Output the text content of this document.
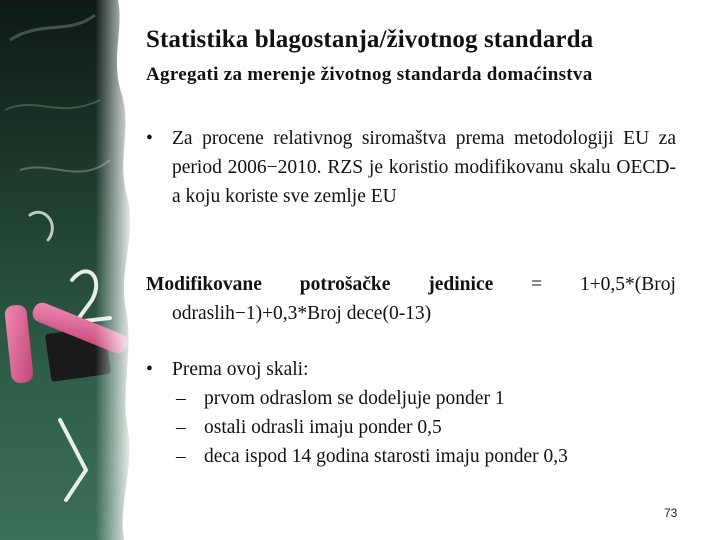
Statistika blagostanja/životnog standarda
Agregati za merenje životnog standarda domaćinstva
• Za procene relativnog siromaštva prema metodologiji EU za period 2006−2010. RZS je koristio modifikovanu skalu OECD-a koju koriste sve zemlje EU
Modifikovane potrošačke jedinice = 1+0,5*(Broj
odraslih−1)+0,3*Broj dece(0-13)
• Prema ovoj skali:
– prvom odraslom se dodeljuje ponder 1
– ostali odrasli imaju ponder 0,5
– deca ispod 14 godina starosti imaju ponder 0,3
73
